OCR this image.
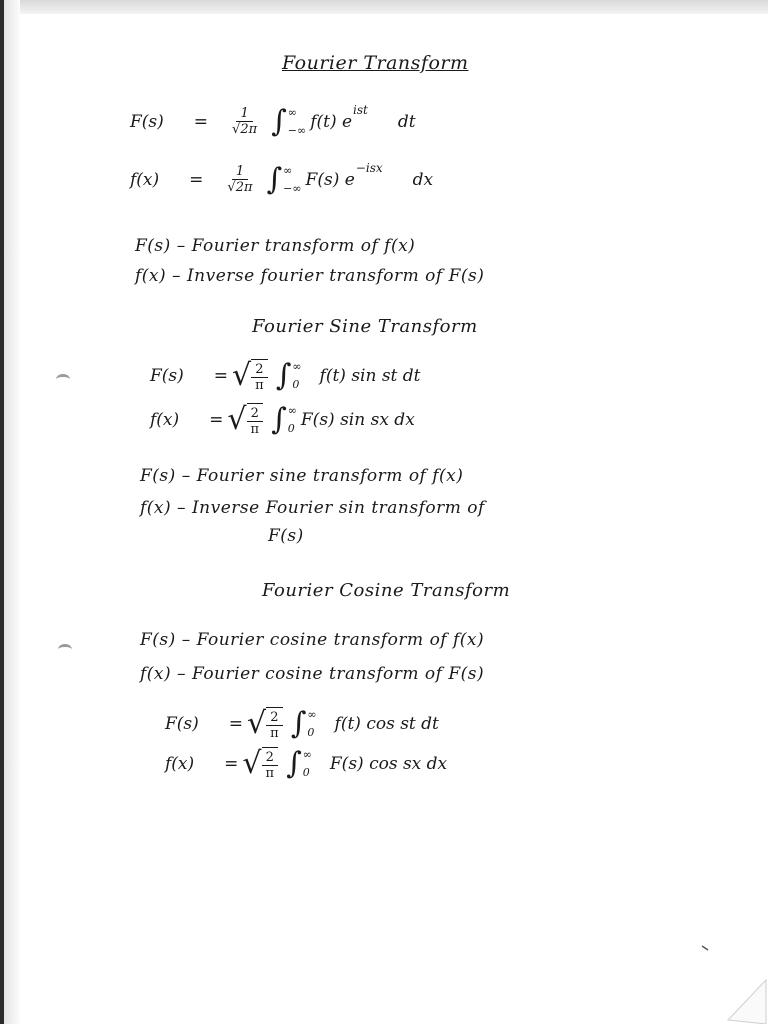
Fourier Transform
$F(s) = \frac{1}{√2\pi}$ ∫ ∞
−∞ f(t) e
ist
dt
$f(x) = \frac{1}{√2\pi}$ ∫ ∞
−∞ F(s) e
−isx
dx
F(s) – Fourier transform of f(x)
f(x) – Inverse fourier transform of F(s)
Fourier Sine Transform
F(s) = √ $\frac{2}{\pi}$ ∫ ∞
0 f(t) sin st dt
f(x) = √ $\frac{2}{\pi}$ ∫ ∞
0 F(s) sin sx dx
F(s) – Fourier sine transform of f(x)
f(x) – Inverse Fourier sin transform of
F(s)
Fourier Cosine Transform
F(s) – Fourier cosine transform of f(x)
f(x) – Fourier cosine transform of F(s)
F(s) = √ $\frac{2}{\pi}$ ∫ ∞
0 f(t) cos st dt
f(x) = √ $\frac{2}{\pi}$ ∫ ∞
0 F(s) cos sx dx
